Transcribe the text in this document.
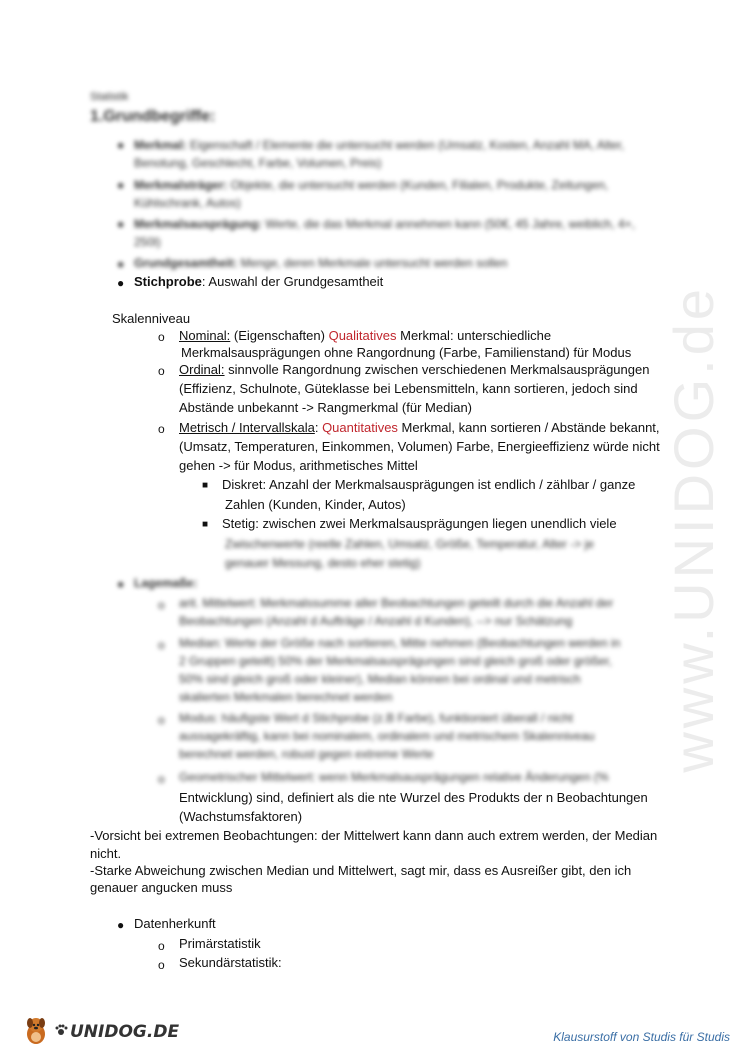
www.UNIDOG.de
Statistik
1.Grundbegriffe:
● Merkmal: Eigenschaft / Elemente die untersucht werden (Umsatz, Kosten, Anzahl MA, Alter,
Benotung, Geschlecht, Farbe, Volumen, Preis)
● Merkmalsträger: Objekte, die untersucht werden (Kunden, Filialen, Produkte, Zeitungen,
Kühlschrank, Autos)
● Merkmalsausprägung: Werte, die das Merkmal annehmen kann (50€, 45 Jahre, weiblich, 4+,
250l)
● Grundgesamtheit: Menge, deren Merkmale untersucht werden sollen
● Stichprobe: Auswahl der Grundgesamtheit
Skalenniveau
o Nominal: (Eigenschaften) Qualitatives Merkmal: unterschiedliche
Merkmalsausprägungen ohne Rangordnung (Farbe, Familienstand) für Modus
o Ordinal: sinnvolle Rangordnung zwischen verschiedenen Merkmalsausprägungen
(Effizienz, Schulnote, Güteklasse bei Lebensmitteln, kann sortieren, jedoch sind
Abstände unbekannt -> Rangmerkmal (für Median)
o Metrisch / Intervallskala: Quantitatives Merkmal, kann sortieren / Abstände bekannt,
(Umsatz, Temperaturen, Einkommen, Volumen) Farbe, Energieeffizienz würde nicht
gehen -> für Modus, arithmetisches Mittel
■ Diskret: Anzahl der Merkmalsausprägungen ist endlich / zählbar / ganze
Zahlen (Kunden, Kinder, Autos)
■ Stetig: zwischen zwei Merkmalsausprägungen liegen unendlich viele
Zwischenwerte (reelle Zahlen, Umsatz, Größe, Temperatur, Alter -> je
genauer Messung, desto eher stetig)
● Lagemaße:
o arit. Mittelwert: Merkmalssumme aller Beobachtungen geteilt durch die Anzahl der
Beobachtungen (Anzahl d Aufträge / Anzahl d Kunden), --> nur Schätzung
o Median: Werte der Größe nach sortieren, Mitte nehmen (Beobachtungen werden in
2 Gruppen geteilt) 50% der Merkmalsausprägungen sind gleich groß oder größer,
50% sind gleich groß oder kleiner), Median können bei ordinal und metrisch
skalierten Merkmalen berechnet werden
o Modus: häufigste Wert d Stichprobe (z.B Farbe), funktioniert überall / nicht
aussagekräftig, kann bei nominalem, ordinalem und metrischem Skalenniveau
berechnet werden, robust gegen extreme Werte
o Geometrischer Mittelwert: wenn Merkmalsausprägungen relative Änderungen (%
Entwicklung) sind, definiert als die nte Wurzel des Produkts der n Beobachtungen
(Wachstumsfaktoren)
-Vorsicht bei extremen Beobachtungen: der Mittelwert kann dann auch extrem werden, der Median
nicht.
-Starke Abweichung zwischen Median und Mittelwert, sagt mir, dass es Ausreißer gibt, den ich
genauer angucken muss
● Datenherkunft
o Primärstatistik
o Sekundärstatistik:
UNIDOG.DE	Klausurstoff von Studis für Studis
